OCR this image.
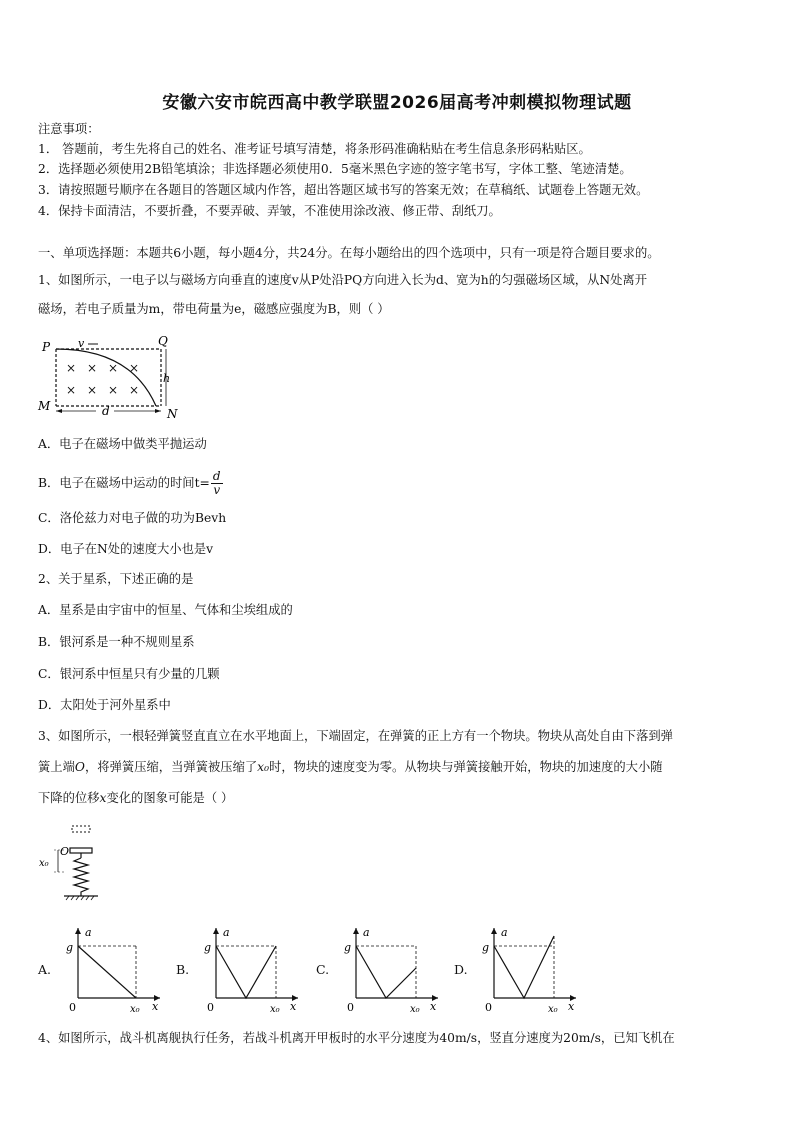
安徽六安市皖西高中教学联盟2026届高考冲刺模拟物理试题
注意事项：
1． 答题前，考生先将自己的姓名、准考证号填写清楚，将条形码准确粘贴在考生信息条形码粘贴区。
2．选择题必须使用2B铅笔填涂；非选择题必须使用0．5毫米黑色字迹的签字笔书写，字体工整、笔迹清楚。
3．请按照题号顺序在各题目的答题区域内作答，超出答题区域书写的答案无效；在草稿纸、试题卷上答题无效。
4．保持卡面清洁，不要折叠，不要弄破、弄皱，不准使用涂改液、修正带、刮纸刀。
一、单项选择题：本题共6小题，每小题4分，共24分。在每小题给出的四个选项中，只有一项是符合题目要求的。
1、如图所示，一电子以与磁场方向垂直的速度v从P处沿PQ方向进入长为d、宽为h的匀强磁场区域，从N处离开
磁场，若电子质量为m，带电荷量为e，磁感应强度为B，则（ ）
× × × ×
× × × ×
P	v	Q
h
M
N
d
A．电子在磁场中做类平抛运动
B．电子在磁场中运动的时间$t= \frac{d}{v}$
C．洛伦兹力对电子做的功为Bevh
D．电子在N处的速度大小也是v
2、关于星系，下述正确的是
A．星系是由宇宙中的恒星、气体和尘埃组成的
B．银河系是一种不规则星系
C．银河系中恒星只有少量的几颗
D．太阳处于河外星系中
3、如图所示，一根轻弹簧竖直直立在水平地面上，下端固定，在弹簧的正上方有一个物块。物块从高处自由下落到弹
簧上端O，将弹簧压缩，当弹簧被压缩了x₀时，物块的速度变为零。从物块与弹簧接触开始，物块的加速度的大小随
下降的位移x变化的图象可能是（ ）
O
x₀
A.	B.	C.	D.
a
g
0	x₀ x
a
g
0	x₀ x
a
g
0	x₀ x
a
g
0	x₀ x
4、如图所示，战斗机离舰执行任务，若战斗机离开甲板时的水平分速度为40m/s，竖直分速度为20m/s，已知飞机在
